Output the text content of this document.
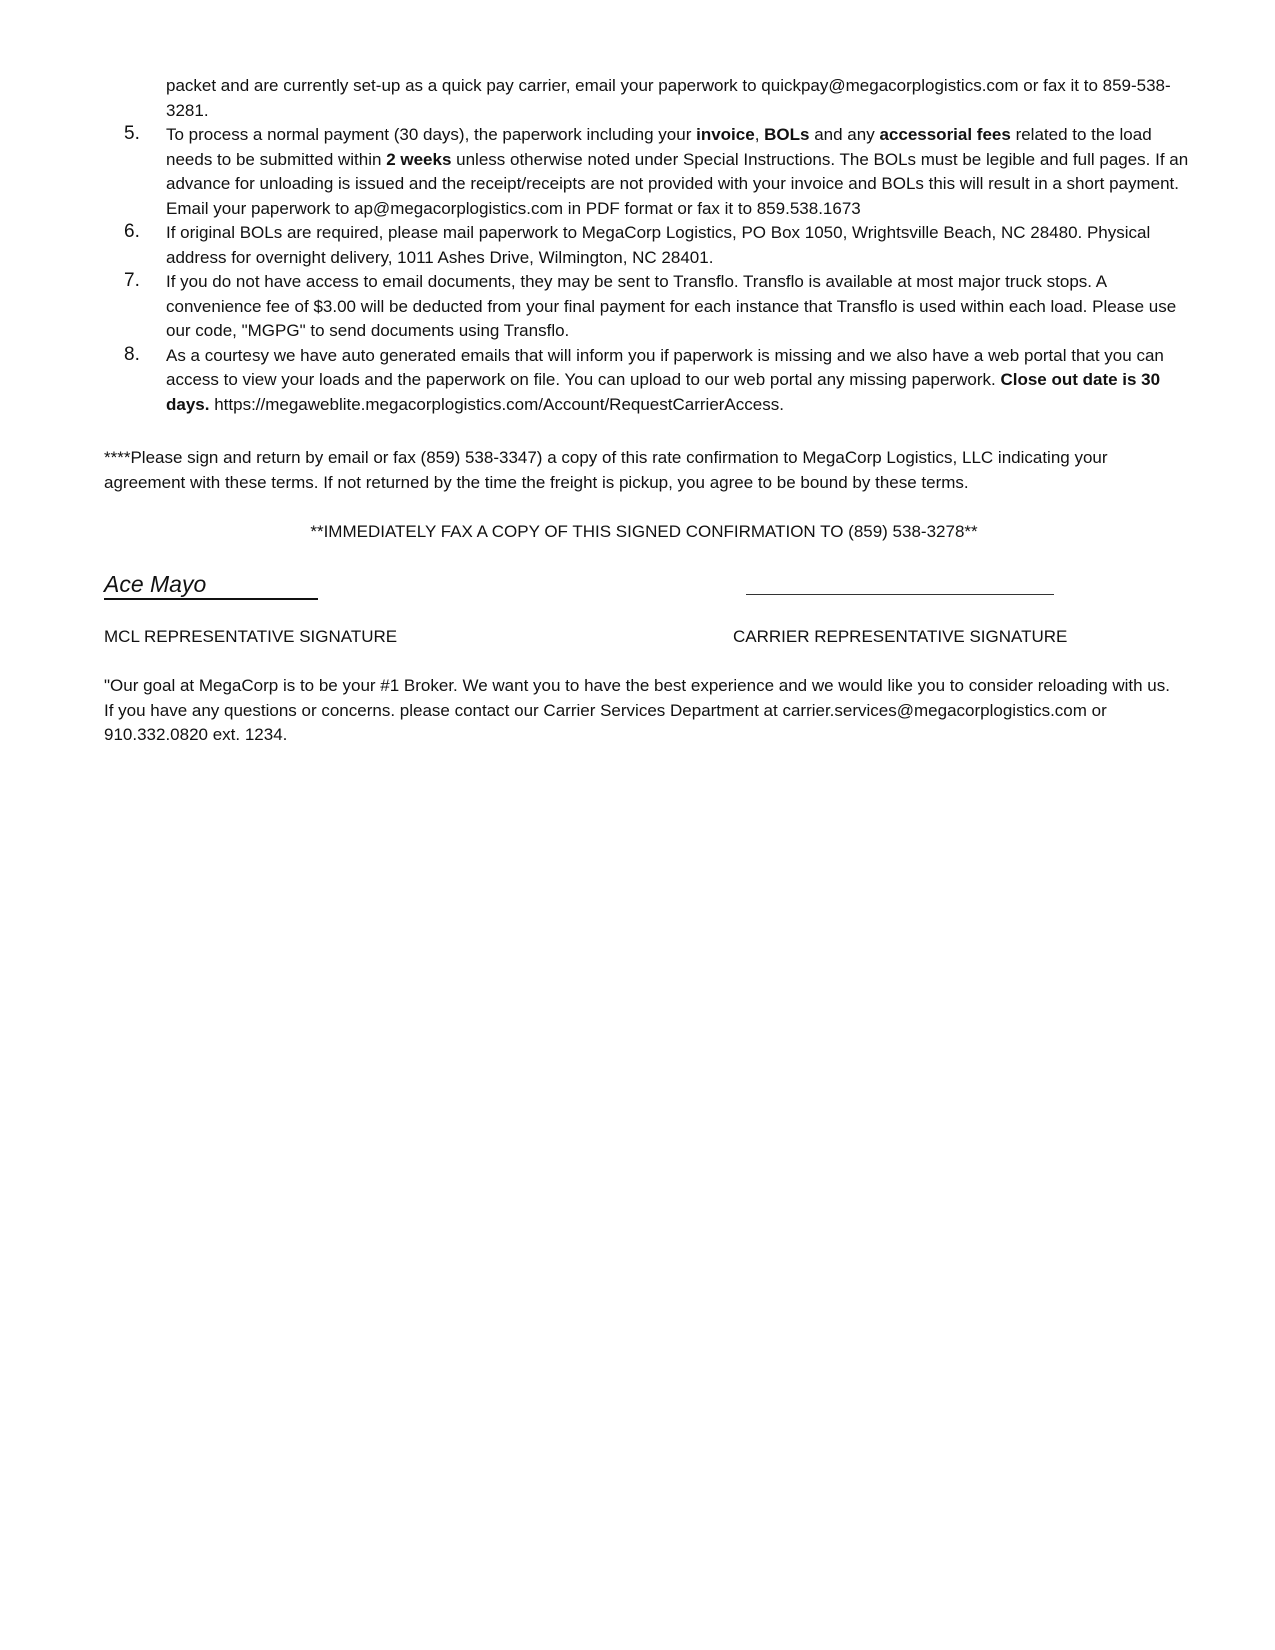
packet and are currently set-up as a quick pay carrier, email your paperwork to quickpay@megacorplogistics.com or fax it to 859-538-3281.
5. To process a normal payment (30 days), the paperwork including your invoice, BOLs and any accessorial fees related to the load needs to be submitted within 2 weeks unless otherwise noted under Special Instructions. The BOLs must be legible and full pages. If an advance for unloading is issued and the receipt/receipts are not provided with your invoice and BOLs this will result in a short payment. Email your paperwork to ap@megacorplogistics.com in PDF format or fax it to 859.538.1673
6. If original BOLs are required, please mail paperwork to MegaCorp Logistics, PO Box 1050, Wrightsville Beach, NC 28480. Physical address for overnight delivery, 1011 Ashes Drive, Wilmington, NC 28401.
7. If you do not have access to email documents, they may be sent to Transflo. Transflo is available at most major truck stops. A convenience fee of $3.00 will be deducted from your final payment for each instance that Transflo is used within each load. Please use our code, "MGPG" to send documents using Transflo.
8. As a courtesy we have auto generated emails that will inform you if paperwork is missing and we also have a web portal that you can access to view your loads and the paperwork on file. You can upload to our web portal any missing paperwork. Close out date is 30 days. https://megaweblite.megacorplogistics.com/Account/RequestCarrierAccess.

****Please sign and return by email or fax (859) 538-3347) a copy of this rate confirmation to MegaCorp Logistics, LLC indicating your agreement with these terms. If not returned by the time the freight is pickup, you agree to be bound by these terms.

**IMMEDIATELY FAX A COPY OF THIS SIGNED CONFIRMATION TO (859) 538-3278**

Ace Mayo

MCL REPRESENTATIVE SIGNATURE	CARRIER REPRESENTATIVE SIGNATURE

"Our goal at MegaCorp is to be your #1 Broker. We want you to have the best experience and we would like you to consider reloading with us. If you have any questions or concerns. please contact our Carrier Services Department at carrier.services@megacorplogistics.com or 910.332.0820 ext. 1234.
